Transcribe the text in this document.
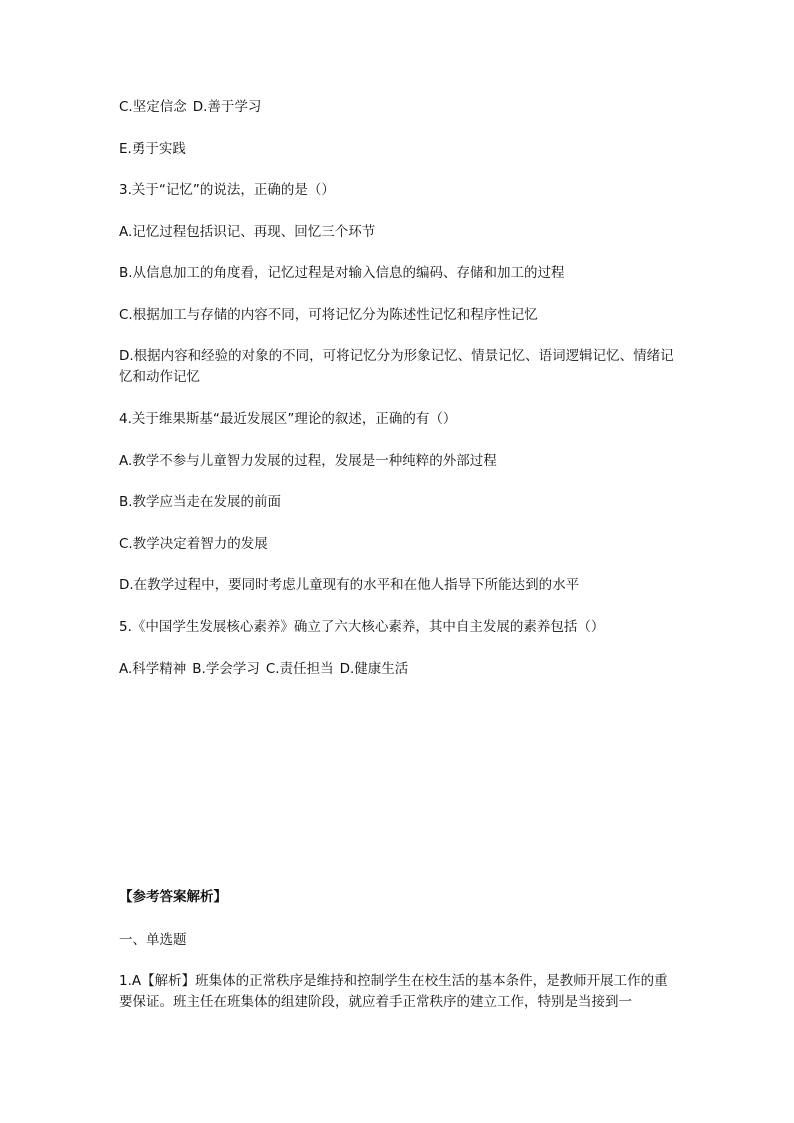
C.坚定信念 D.善于学习
E.勇于实践
3.关于“记忆”的说法，正确的是（）
A.记忆过程包括识记、再现、回忆三个环节
B.从信息加工的角度看，记忆过程是对输入信息的编码、存储和加工的过程
C.根据加工与存储的内容不同，可将记忆分为陈述性记忆和程序性记忆
D.根据内容和经验的对象的不同，可将记忆分为形象记忆、情景记忆、语词逻辑记忆、情绪记忆和动作记忆
4.关于维果斯基“最近发展区”理论的叙述，正确的有（）
A.教学不参与儿童智力发展的过程，发展是一种纯粹的外部过程
B.教学应当走在发展的前面
C.教学决定着智力的发展
D.在教学过程中，要同时考虑儿童现有的水平和在他人指导下所能达到的水平
5.《中国学生发展核心素养》确立了六大核心素养，其中自主发展的素养包括（）
A.科学精神 B.学会学习 C.责任担当 D.健康生活
【参考答案解析】
一、单选题
1.A【解析】班集体的正常秩序是维持和控制学生在校生活的基本条件，是教师开展工作的重要保证。班主任在班集体的组建阶段，就应着手正常秩序的建立工作，特别是当接到一
